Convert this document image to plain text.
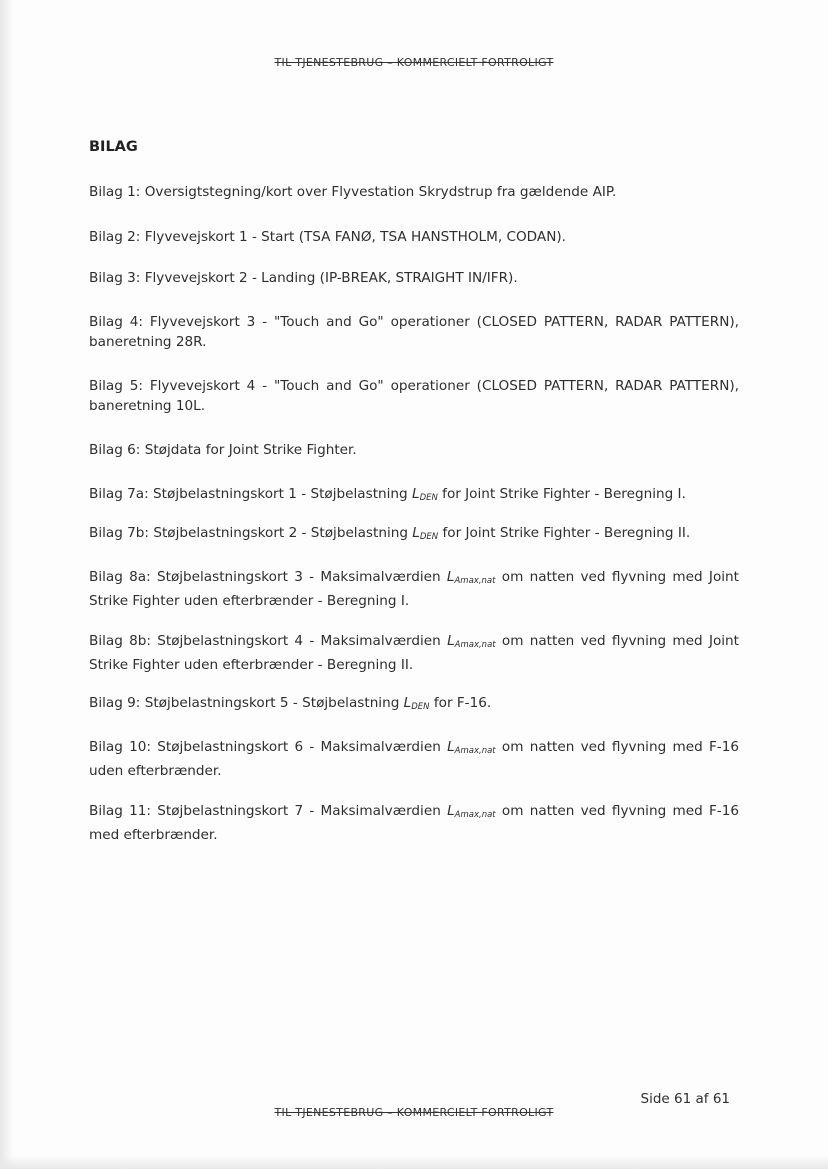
TIL TJENESTEBRUG – KOMMERCIELT FORTROLIGT
BILAG
Bilag 1: Oversigtstegning/kort over Flyvestation Skrydstrup fra gældende AIP.
Bilag 2: Flyvevejskort 1 - Start (TSA FANØ, TSA HANSTHOLM, CODAN).
Bilag 3: Flyvevejskort 2 - Landing (IP-BREAK, STRAIGHT IN/IFR).
Bilag 4: Flyvevejskort 3 - "Touch and Go" operationer (CLOSED PATTERN, RADAR PATTERN), baneretning 28R.
Bilag 5: Flyvevejskort 4 - "Touch and Go" operationer (CLOSED PATTERN, RADAR PATTERN), baneretning 10L.
Bilag 6: Støjdata for Joint Strike Fighter.
Bilag 7a: Støjbelastningskort 1 - Støjbelastning $L_{DEN}$ for Joint Strike Fighter - Beregning I.
Bilag 7b: Støjbelastningskort 2 - Støjbelastning $L_{DEN}$ for Joint Strike Fighter - Beregning II.
Bilag 8a: Støjbelastningskort 3 - Maksimalværdien $L_{Amax,nat}$ om natten ved flyvning med Joint Strike Fighter uden efterbrænder - Beregning I.
Bilag 8b: Støjbelastningskort 4 - Maksimalværdien $L_{Amax,nat}$ om natten ved flyvning med Joint Strike Fighter uden efterbrænder - Beregning II.
Bilag 9: Støjbelastningskort 5 - Støjbelastning $L_{DEN}$ for F-16.
Bilag 10: Støjbelastningskort 6 - Maksimalværdien $L_{Amax,nat}$ om natten ved flyvning med F-16 uden efterbrænder.
Bilag 11: Støjbelastningskort 7 - Maksimalværdien $L_{Amax,nat}$ om natten ved flyvning med F-16 med efterbrænder.
Side 61 af 61
TIL TJENESTEBRUG – KOMMERCIELT FORTROLIGT
